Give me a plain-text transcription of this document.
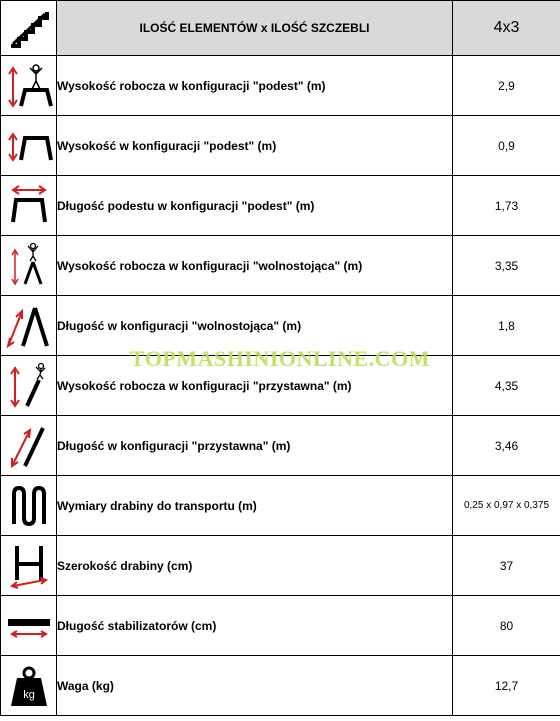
	ILOŚĆ ELEMENTÓW x ILOŚĆ SZCZEBLI	4x3

	Wysokość robocza w konfiguracji "podest" (m)	2,9

	Wysokość w konfiguracji "podest" (m)	0,9

	Długość podestu w konfiguracji "podest" (m)	1,73

	Wysokość robocza w konfiguracji "wolnostojąca" (m)	3,35

	Długość w konfiguracji "wolnostojąca" (m)	1,8

	Wysokość robocza w konfiguracji "przystawna" (m)	4,35

	Długość w konfiguracji "przystawna" (m)	3,46

	Wymiary drabiny do transportu (m)	0,25 x 0,97 x 0,375

	Szerokość drabiny (cm)	37

	Długość stabilizatorów (cm)	80

kg	Waga (kg)	12,7
TOPMASHINIONLINE.COM
